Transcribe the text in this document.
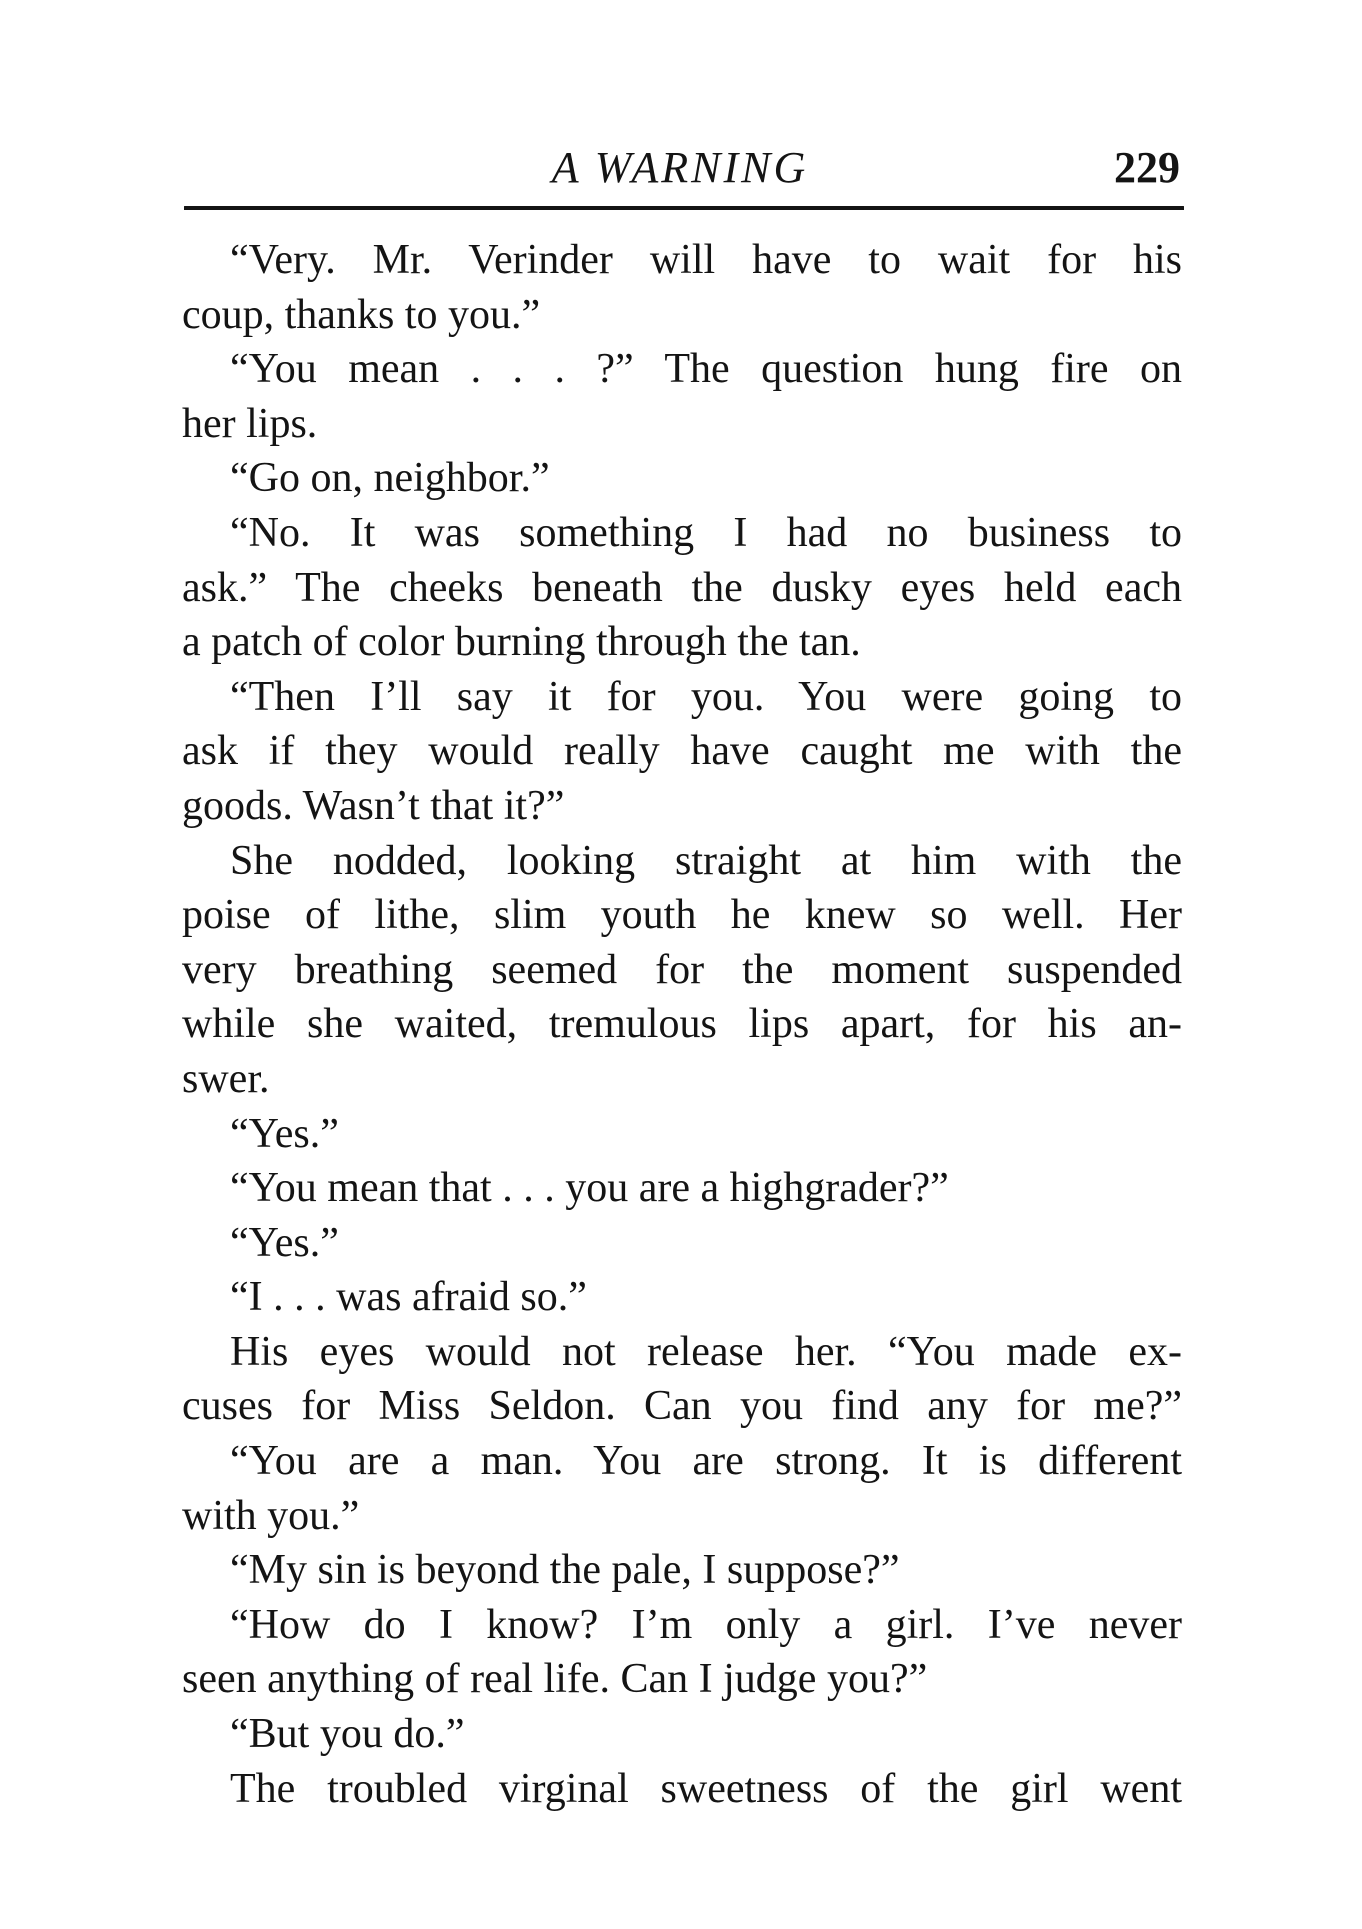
A WARNING	229
“Very. Mr. Verinder will have to wait for his
coup, thanks to you.”
“You mean . . . ?” The question hung fire on
her lips.
“Go on, neighbor.”
“No. It was something I had no business to
ask.” The cheeks beneath the dusky eyes held each
a patch of color burning through the tan.
“Then I’ll say it for you. You were going to
ask if they would really have caught me with the
goods. Wasn’t that it?”
She nodded, looking straight at him with the
poise of lithe, slim youth he knew so well. Her
very breathing seemed for the moment suspended
while she waited, tremulous lips apart, for his an-
swer.
“Yes.”
“You mean that . . . you are a highgrader?”
“Yes.”
“I . . . was afraid so.”
His eyes would not release her. “You made ex-
cuses for Miss Seldon. Can you find any for me?”
“You are a man. You are strong. It is different
with you.”
“My sin is beyond the pale, I suppose?”
“How do I know? I’m only a girl. I’ve never
seen anything of real life. Can I judge you?”
“But you do.”
The troubled virginal sweetness of the girl went
